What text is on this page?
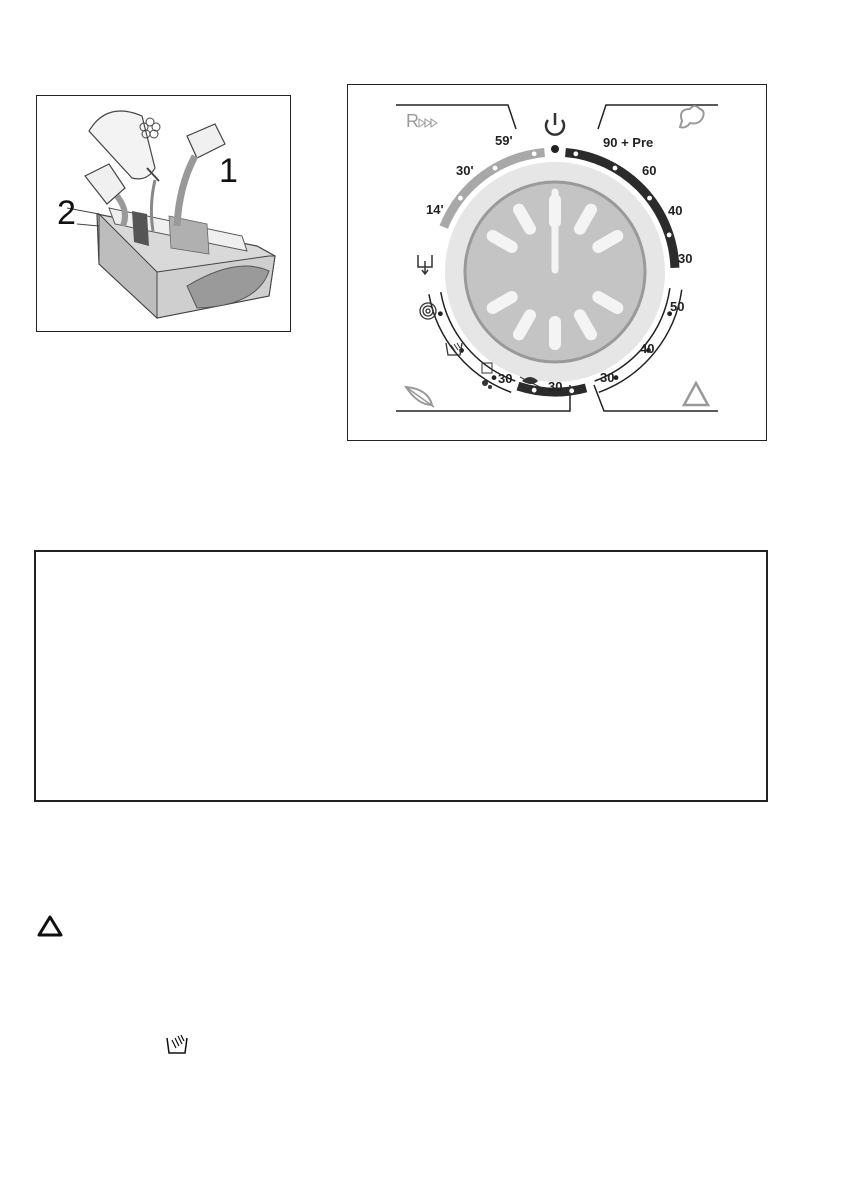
1
2
R
59'
30'
14'
90 + Pre
60
40
30
50
40
30
30
30
